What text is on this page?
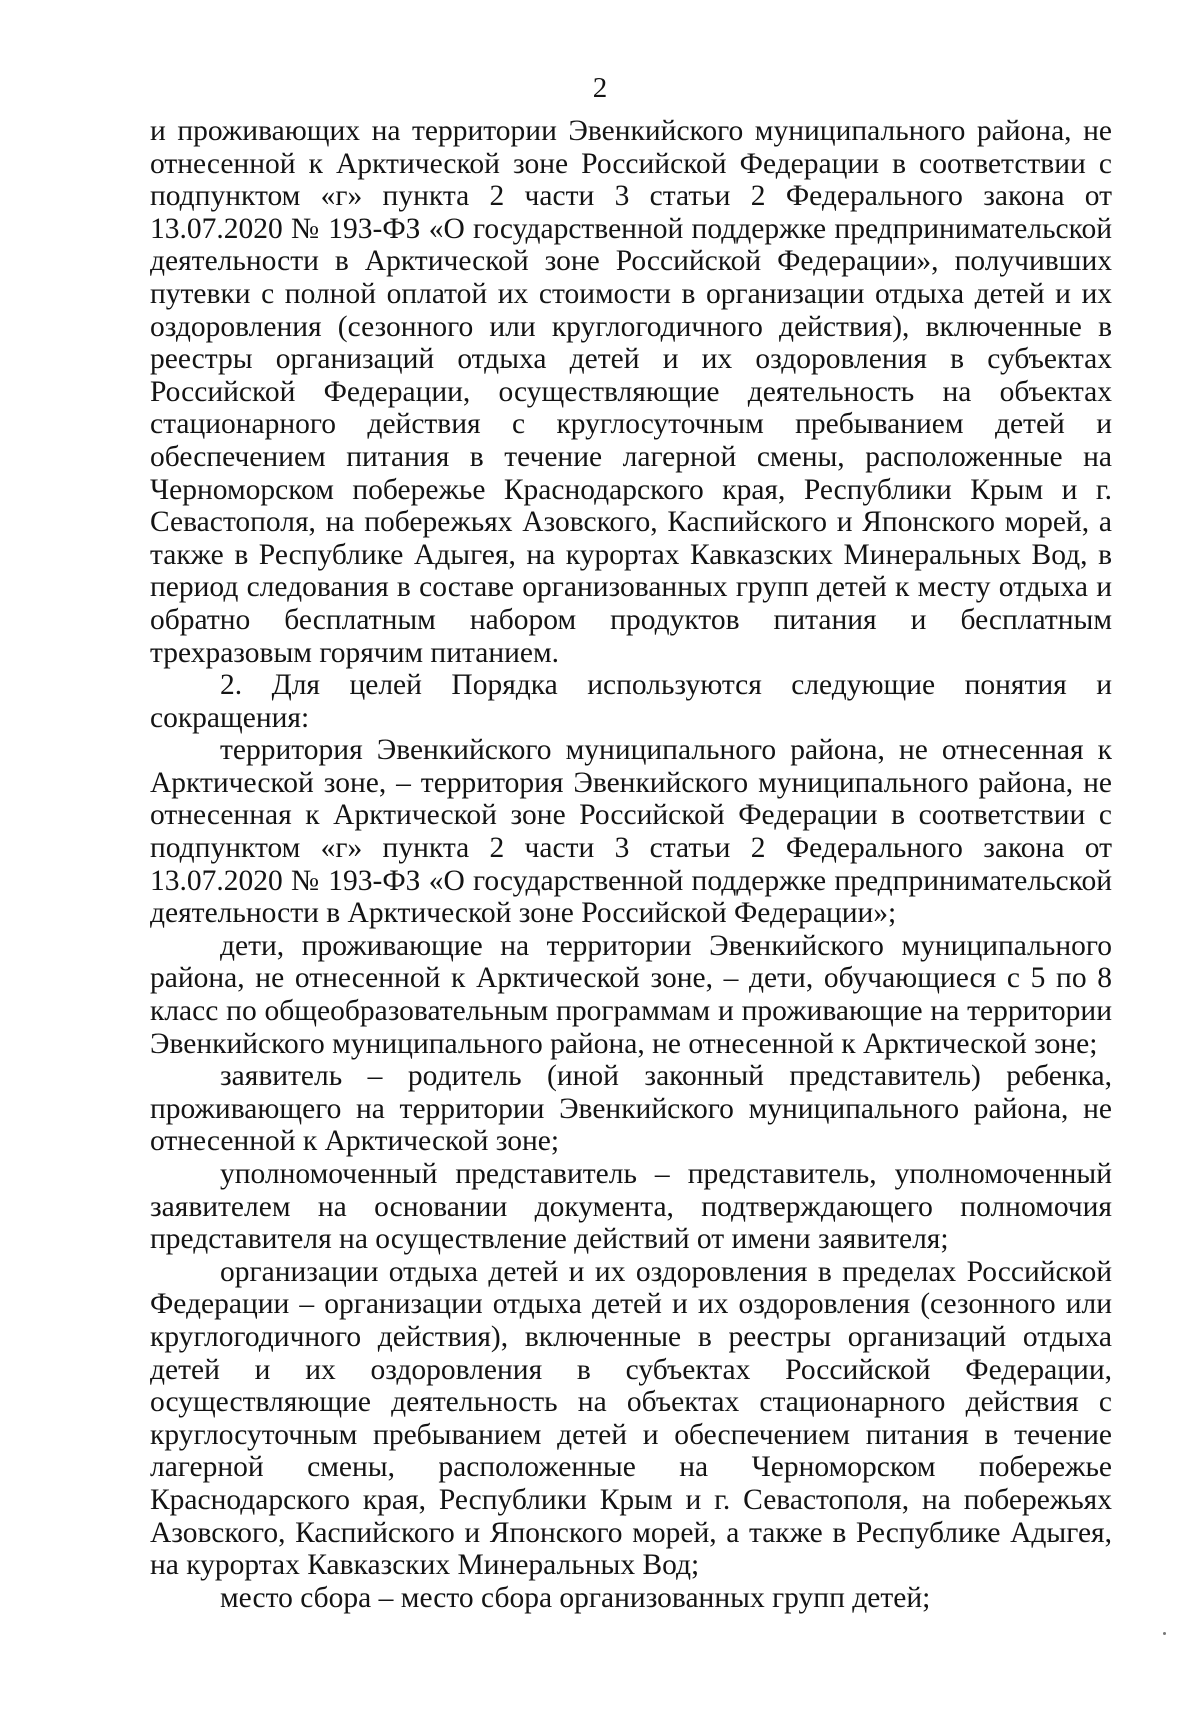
2

и проживающих на территории Эвенкийского муниципального района, не отнесенной к Арктической зоне Российской Федерации в соответствии с подпунктом «г» пункта 2 части 3 статьи 2 Федерального закона от 13.07.2020 № 193-ФЗ «О государственной поддержке предпринимательской деятельности в Арктической зоне Российской Федерации», получивших путевки с полной оплатой их стоимости в организации отдыха детей и их оздоровления (сезонного или круглогодичного действия), включенные в реестры организаций отдыха детей и их оздоровления в субъектах Российской Федерации, осуществляющие деятельность на объектах стационарного действия с круглосуточным пребыванием детей и обеспечением питания в течение лагерной смены, расположенные на Черноморском побережье Краснодарского края, Республики Крым и г. Севастополя, на побережьях Азовского, Каспийского и Японского морей, а также в Республике Адыгея, на курортах Кавказских Минеральных Вод, в период следования в составе организованных групп детей к месту отдыха и обратно бесплатным набором продуктов питания и бесплатным трехразовым горячим питанием.

2. Для целей Порядка используются следующие понятия и сокращения:

территория Эвенкийского муниципального района, не отнесенная к Арктической зоне, – территория Эвенкийского муниципального района, не отнесенная к Арктической зоне Российской Федерации в соответствии с подпунктом «г» пункта 2 части 3 статьи 2 Федерального закона от 13.07.2020 № 193-ФЗ «О государственной поддержке предпринимательской деятельности в Арктической зоне Российской Федерации»;

дети, проживающие на территории Эвенкийского муниципального района, не отнесенной к Арктической зоне, – дети, обучающиеся с 5 по 8 класс по общеобразовательным программам и проживающие на территории Эвенкийского муниципального района, не отнесенной к Арктической зоне;

заявитель – родитель (иной законный представитель) ребенка, проживающего на территории Эвенкийского муниципального района, не отнесенной к Арктической зоне;

уполномоченный представитель – представитель, уполномоченный заявителем на основании документа, подтверждающего полномочия представителя на осуществление действий от имени заявителя;

организации отдыха детей и их оздоровления в пределах Российской Федерации – организации отдыха детей и их оздоровления (сезонного или круглогодичного действия), включенные в реестры организаций отдыха детей и их оздоровления в субъектах Российской Федерации, осуществляющие деятельность на объектах стационарного действия с круглосуточным пребыванием детей и обеспечением питания в течение лагерной смены, расположенные на Черноморском побережье Краснодарского края, Республики Крым и г. Севастополя, на побережьях Азовского, Каспийского и Японского морей, а также в Республике Адыгея, на курортах Кавказских Минеральных Вод;

место сбора – место сбора организованных групп детей;
